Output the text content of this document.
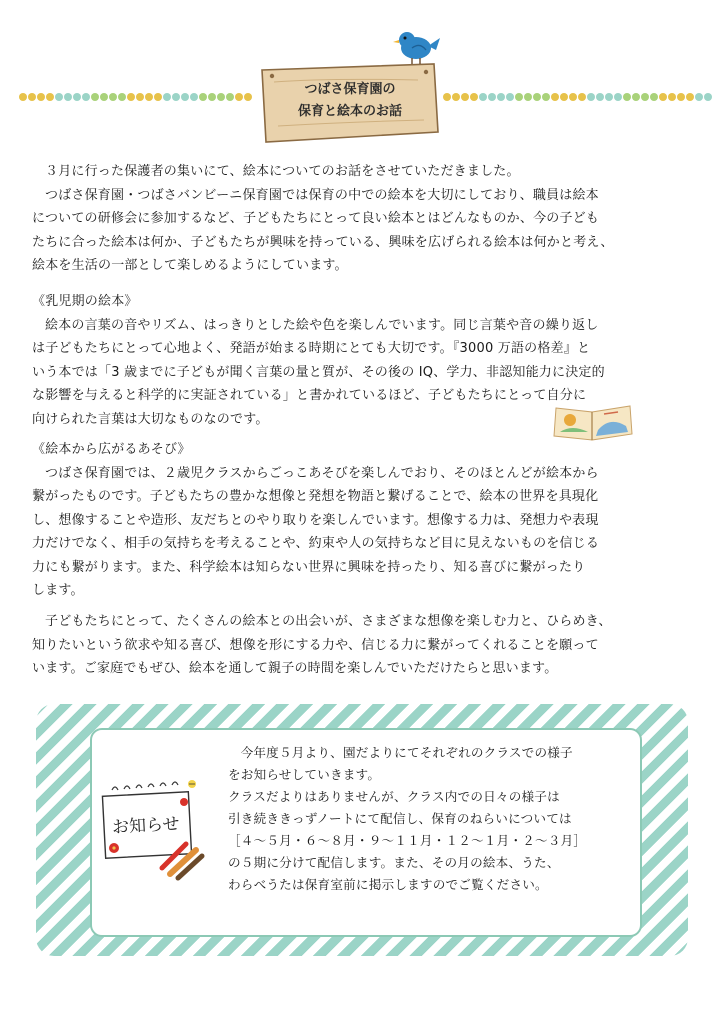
つばさ保育園の
保育と絵本のお話

３月に行った保護者の集いにて、絵本についてのお話をさせていただきました。

つばさ保育園・つばさバンビーニ保育園では保育の中での絵本を大切にしており、職員は絵本

についての研修会に参加するなど、子どもたちにとって良い絵本とはどんなものか、今の子ども

たちに合った絵本は何か、子どもたちが興味を持っている、興味を広げられる絵本は何かと考え、

絵本を生活の一部として楽しめるようにしています。

《乳児期の絵本》

絵本の言葉の音やリズム、はっきりとした絵や色を楽しんでいます。同じ言葉や音の繰り返し

は子どもたちにとって心地よく、発語が始まる時期にとても大切です。『3000 万語の格差』と

いう本では「3 歳までに子どもが聞く言葉の量と質が、その後の IQ、学力、非認知能力に決定的

な影響を与えると科学的に実証されている」と書かれているほど、子どもたちにとって自分に

向けられた言葉は大切なものなのです。

《絵本から広がるあそび》

つばさ保育園では、２歳児クラスからごっこあそびを楽しんでおり、そのほとんどが絵本から

繋がったものです。子どもたちの豊かな想像と発想を物語と繋げることで、絵本の世界を具現化

し、想像することや造形、友だちとのやり取りを楽しんでいます。想像する力は、発想力や表現

力だけでなく、相手の気持ちを考えることや、約束や人の気持ちなど目に見えないものを信じる

力にも繋がります。また、科学絵本は知らない世界に興味を持ったり、知る喜びに繋がったり

します。

子どもたちにとって、たくさんの絵本との出会いが、さまざまな想像を楽しむ力と、ひらめき、

知りたいという欲求や知る喜び、想像を形にする力や、信じる力に繋がってくれることを願って

います。ご家庭でもぜひ、絵本を通して親子の時間を楽しんでいただけたらと思います。

お知らせ

今年度５月より、園だよりにてそれぞれのクラスでの様子

をお知らせしていきます。

クラスだよりはありませんが、クラス内での日々の様子は

引き続ききっずノートにて配信し、保育のねらいについては

［４～５月・６～８月・９～１１月・１２～１月・２～３月］

の５期に分けて配信します。また、その月の絵本、うた、

わらべうたは保育室前に掲示しますのでご覧ください。
